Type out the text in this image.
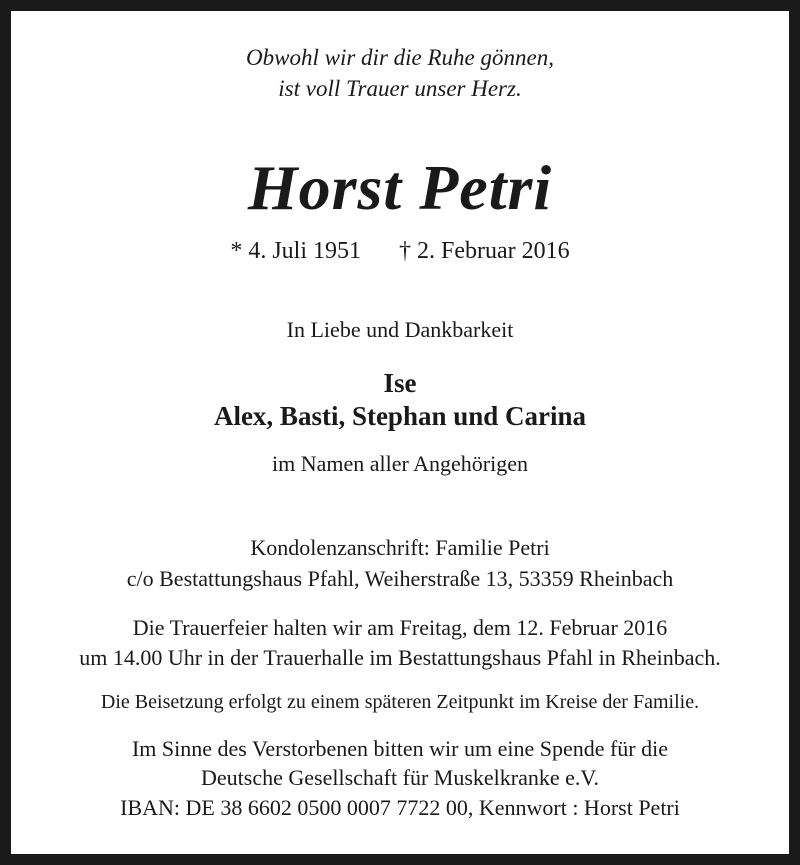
Obwohl wir dir die Ruhe gönnen,
ist voll Trauer unser Herz.
Horst Petri
* 4. Juli 1951 † 2. Februar 2016
In Liebe und Dankbarkeit
Ise
Alex, Basti, Stephan und Carina
im Namen aller Angehörigen
Kondolenzanschrift: Familie Petri
c/o Bestattungshaus Pfahl, Weiherstraße 13, 53359 Rheinbach
Die Trauerfeier halten wir am Freitag, dem 12. Februar 2016
um 14.00 Uhr in der Trauerhalle im Bestattungshaus Pfahl in Rheinbach.
Die Beisetzung erfolgt zu einem späteren Zeitpunkt im Kreise der Familie.
Im Sinne des Verstorbenen bitten wir um eine Spende für die
Deutsche Gesellschaft für Muskelkranke e.V.
IBAN: DE 38 6602 0500 0007 7722 00, Kennwort : Horst Petri
